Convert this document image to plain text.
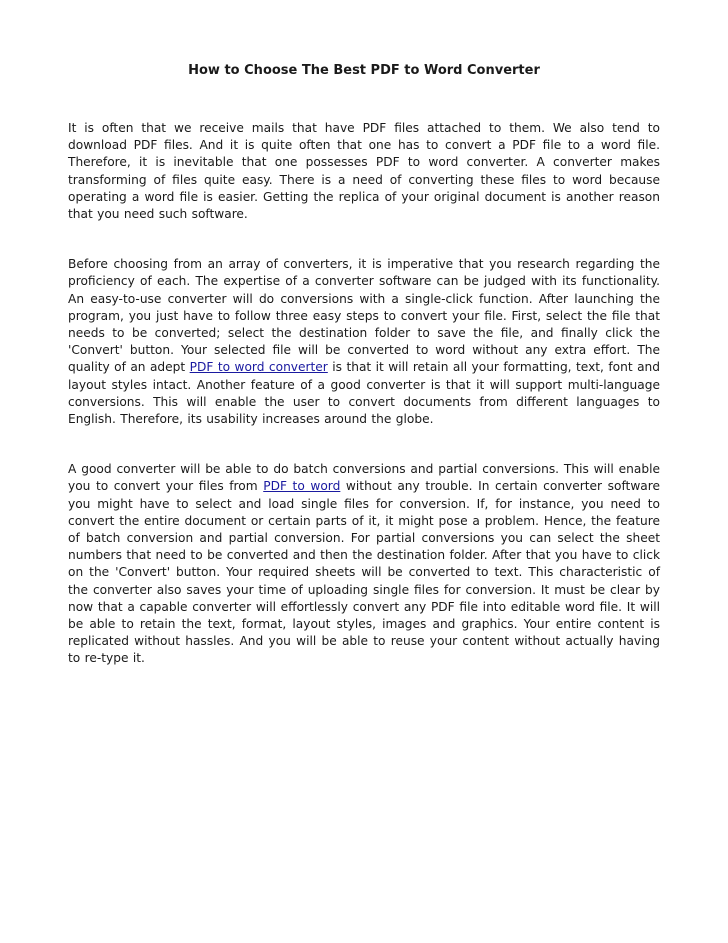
How to Choose The Best PDF to Word Converter

It is often that we receive mails that have PDF files attached to them. We also tend to download PDF files. And it is quite often that one has to convert a PDF file to a word file. Therefore, it is inevitable that one possesses PDF to word converter. A converter makes transforming of files quite easy. There is a need of converting these files to word because operating a word file is easier. Getting the replica of your original document is another reason that you need such software.

Before choosing from an array of converters, it is imperative that you research regarding the proficiency of each. The expertise of a converter software can be judged with its functionality. An easy-to-use converter will do conversions with a single-click function. After launching the program, you just have to follow three easy steps to convert your file. First, select the file that needs to be converted; select the destination folder to save the file, and finally click the 'Convert' button. Your selected file will be converted to word without any extra effort. The quality of an adept PDF to word converter is that it will retain all your formatting, text, font and layout styles intact. Another feature of a good converter is that it will support multi-language conversions. This will enable the user to convert documents from different languages to English. Therefore, its usability increases around the globe.

A good converter will be able to do batch conversions and partial conversions. This will enable you to convert your files from PDF to word without any trouble. In certain converter software you might have to select and load single files for conversion. If, for instance, you need to convert the entire document or certain parts of it, it might pose a problem. Hence, the feature of batch conversion and partial conversion. For partial conversions you can select the sheet numbers that need to be converted and then the destination folder. After that you have to click on the 'Convert' button. Your required sheets will be converted to text. This characteristic of the converter also saves your time of uploading single files for conversion. It must be clear by now that a capable converter will effortlessly convert any PDF file into editable word file. It will be able to retain the text, format, layout styles, images and graphics. Your entire content is replicated without hassles. And you will be able to reuse your content without actually having to re-type it.
